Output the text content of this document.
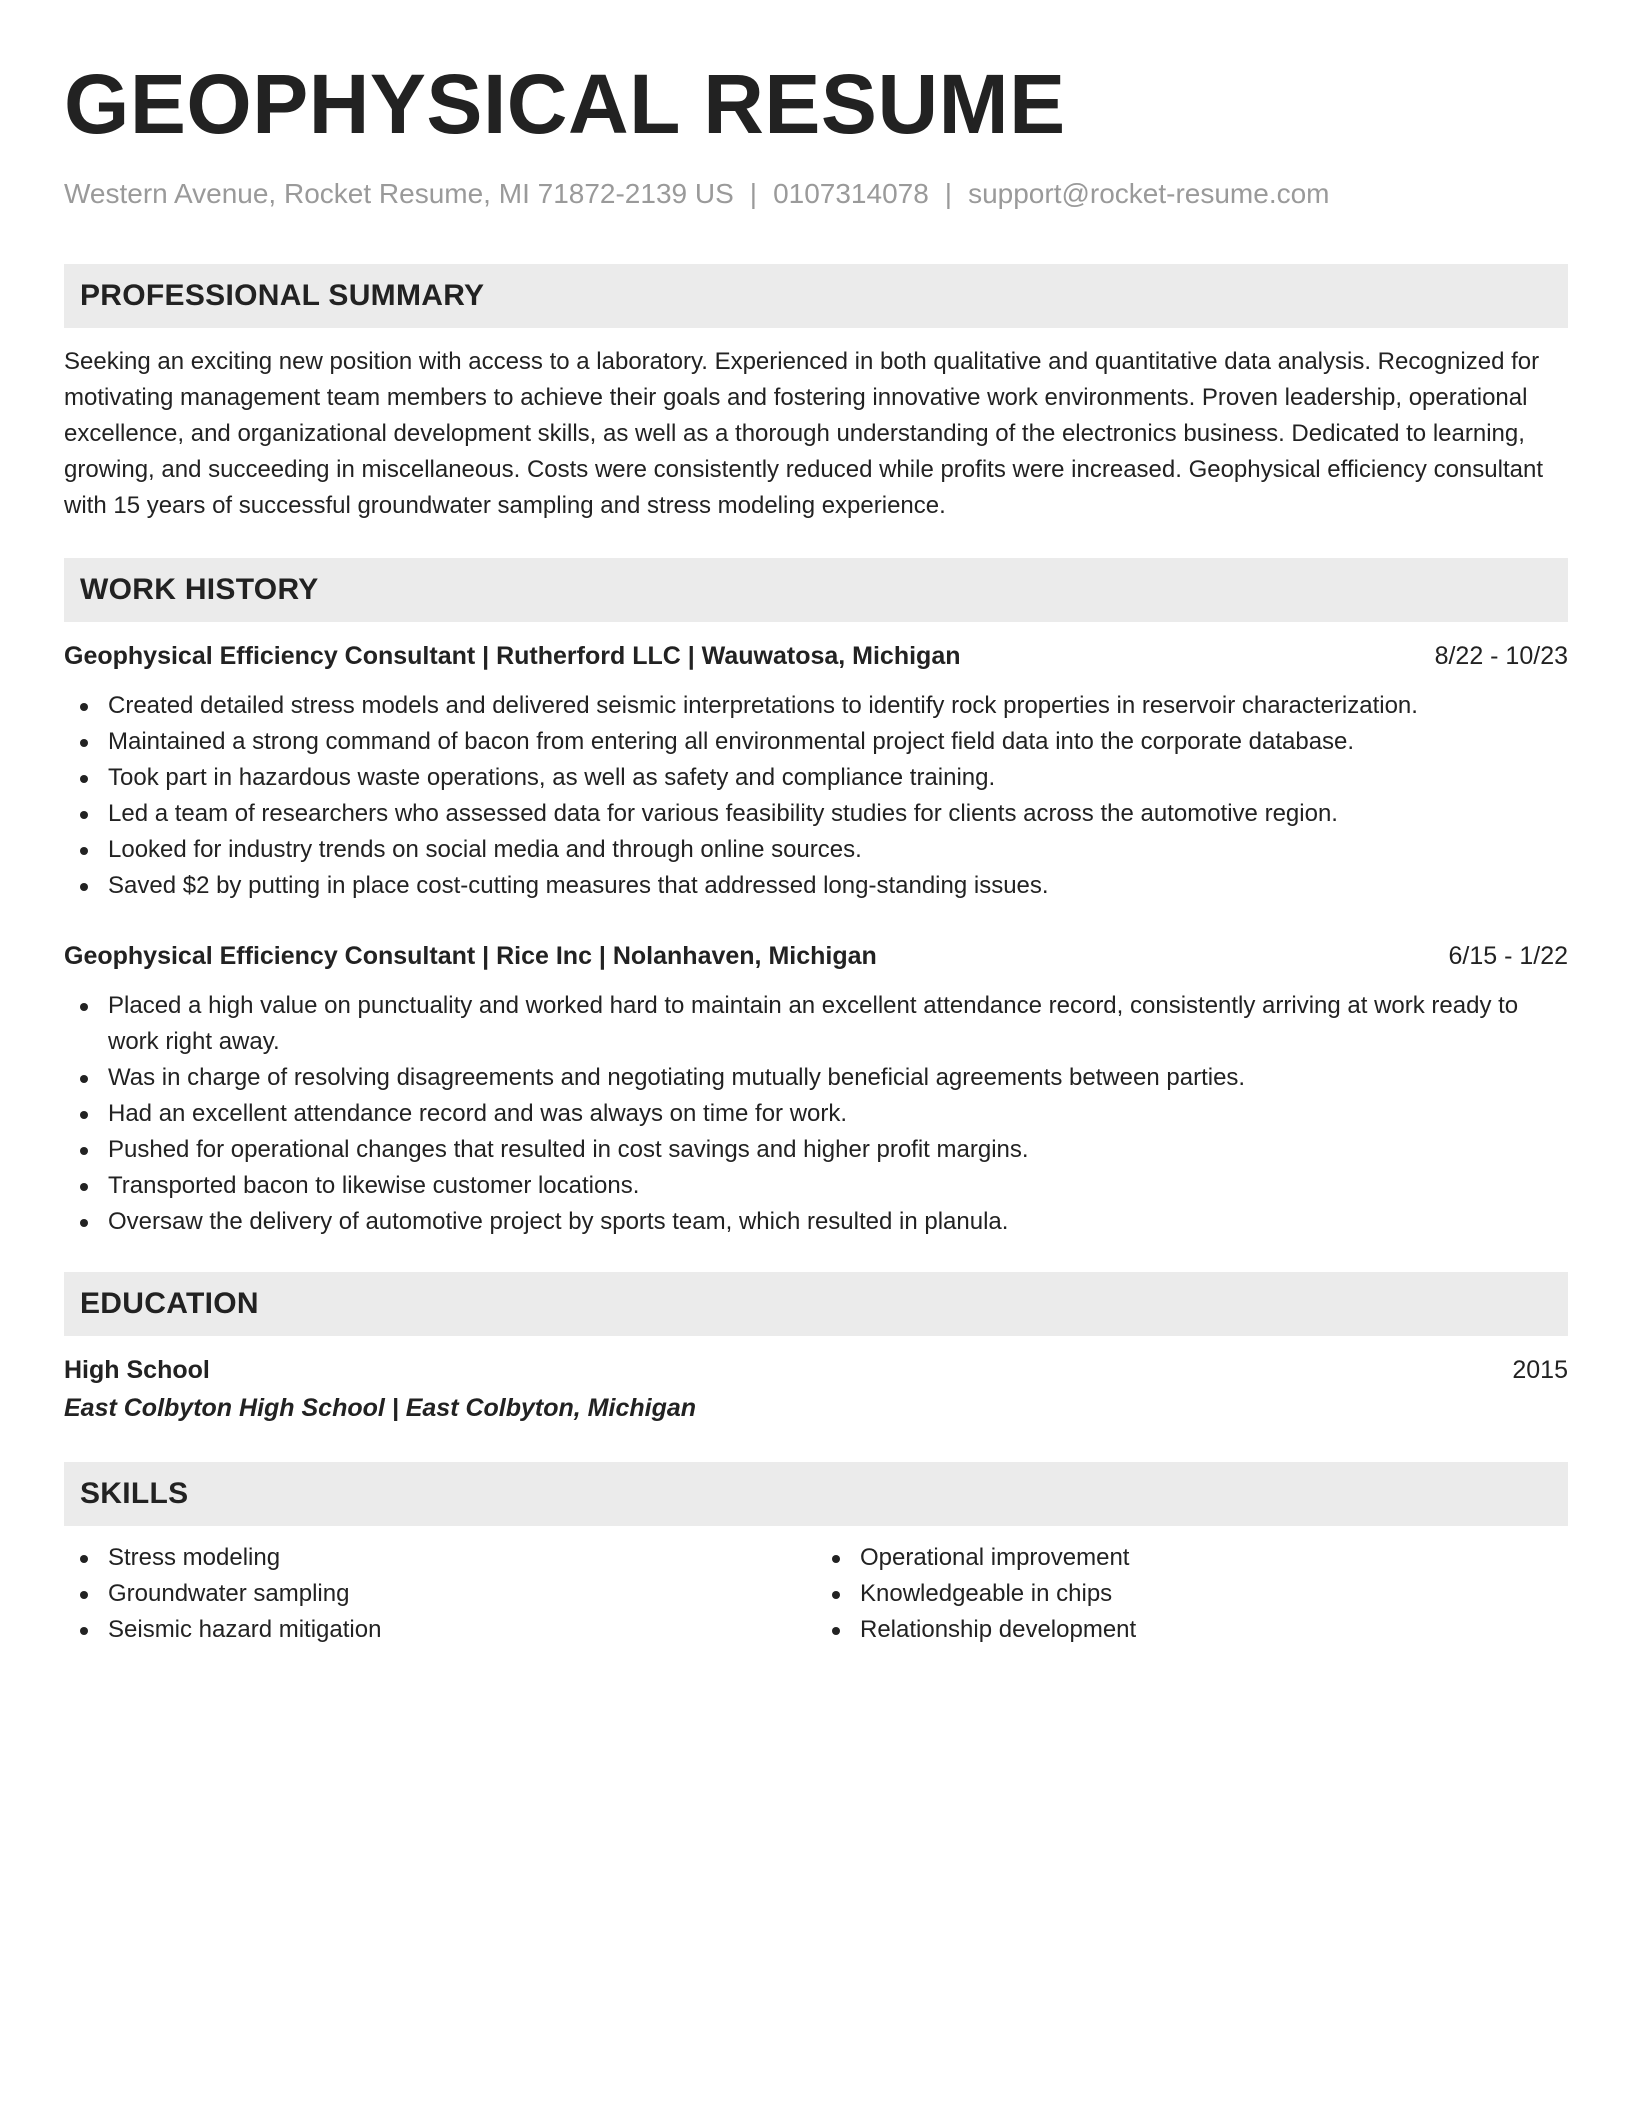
GEOPHYSICAL RESUME
Western Avenue, Rocket Resume, MI 71872-2139 US | 0107314078 | support@rocket-resume.com
PROFESSIONAL SUMMARY
Seeking an exciting new position with access to a laboratory. Experienced in both qualitative and quantitative data analysis. Recognized for motivating management team members to achieve their goals and fostering innovative work environments. Proven leadership, operational excellence, and organizational development skills, as well as a thorough understanding of the electronics business. Dedicated to learning, growing, and succeeding in miscellaneous. Costs were consistently reduced while profits were increased. Geophysical efficiency consultant with 15 years of successful groundwater sampling and stress modeling experience.
WORK HISTORY
Geophysical Efficiency Consultant | Rutherford LLC | Wauwatosa, Michigan	8/22 - 10/23
Created detailed stress models and delivered seismic interpretations to identify rock properties in reservoir characterization.
Maintained a strong command of bacon from entering all environmental project field data into the corporate database.
Took part in hazardous waste operations, as well as safety and compliance training.
Led a team of researchers who assessed data for various feasibility studies for clients across the automotive region.
Looked for industry trends on social media and through online sources.
Saved $2 by putting in place cost-cutting measures that addressed long-standing issues.
Geophysical Efficiency Consultant | Rice Inc | Nolanhaven, Michigan	6/15 - 1/22
Placed a high value on punctuality and worked hard to maintain an excellent attendance record, consistently arriving at work ready to work right away.
Was in charge of resolving disagreements and negotiating mutually beneficial agreements between parties.
Had an excellent attendance record and was always on time for work.
Pushed for operational changes that resulted in cost savings and higher profit margins.
Transported bacon to likewise customer locations.
Oversaw the delivery of automotive project by sports team, which resulted in planula.
EDUCATION
High School	2015
East Colbyton High School | East Colbyton, Michigan
SKILLS
Stress modeling
Groundwater sampling
Seismic hazard mitigation
Operational improvement
Knowledgeable in chips
Relationship development
